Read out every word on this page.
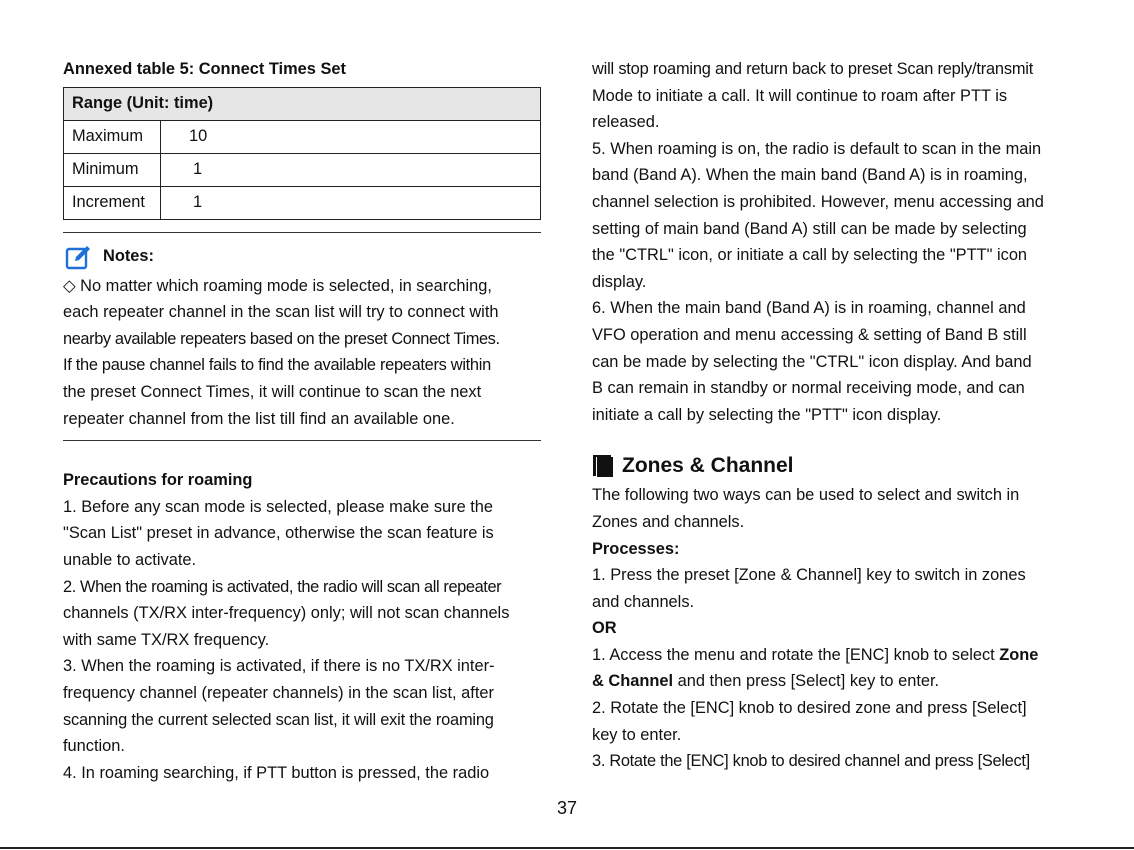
Annexed table 5: Connect Times Set

Range (Unit: time)	
Maximum	10
Minimum	1
Increment	1
Notes:

◇ No matter which roaming mode is selected, in searching,

each repeater channel in the scan list will try to connect with

nearby available repeaters based on the preset Connect Times.

If the pause channel fails to find the available repeaters within

the preset Connect Times, it will continue to scan the next

repeater channel from the list till find an available one.

Precautions for roaming

1. Before any scan mode is selected, please make sure the

"Scan List" preset in advance, otherwise the scan feature is

unable to activate.

2. When the roaming is activated, the radio will scan all repeater

channels (TX/RX inter-frequency) only; will not scan channels

with same TX/RX frequency.

3. When the roaming is activated, if there is no TX/RX inter-

frequency channel (repeater channels) in the scan list, after

scanning the current selected scan list, it will exit the roaming

function.

4. In roaming searching, if PTT button is pressed, the radio

will stop roaming and return back to preset Scan reply/transmit

Mode to initiate a call. It will continue to roam after PTT is

released.

5. When roaming is on, the radio is default to scan in the main

band (Band A). When the main band (Band A) is in roaming,

channel selection is prohibited. However, menu accessing and

setting of main band (Band A) still can be made by selecting

the "CTRL" icon, or initiate a call by selecting the "PTT" icon

display.

6. When the main band (Band A) is in roaming, channel and

VFO operation and menu accessing & setting of Band B still

can be made by selecting the "CTRL" icon display. And band

B can remain in standby or normal receiving mode, and can

initiate a call by selecting the "PTT" icon display.

Zones & Channel

The following two ways can be used to select and switch in

Zones and channels.

Processes:

1. Press the preset [Zone & Channel] key to switch in zones

and channels.

OR

1. Access the menu and rotate the [ENC] knob to select Zone

& Channel and then press [Select] key to enter.

2. Rotate the [ENC] knob to desired zone and press [Select]

key to enter.

3. Rotate the [ENC] knob to desired channel and press [Select]

37
